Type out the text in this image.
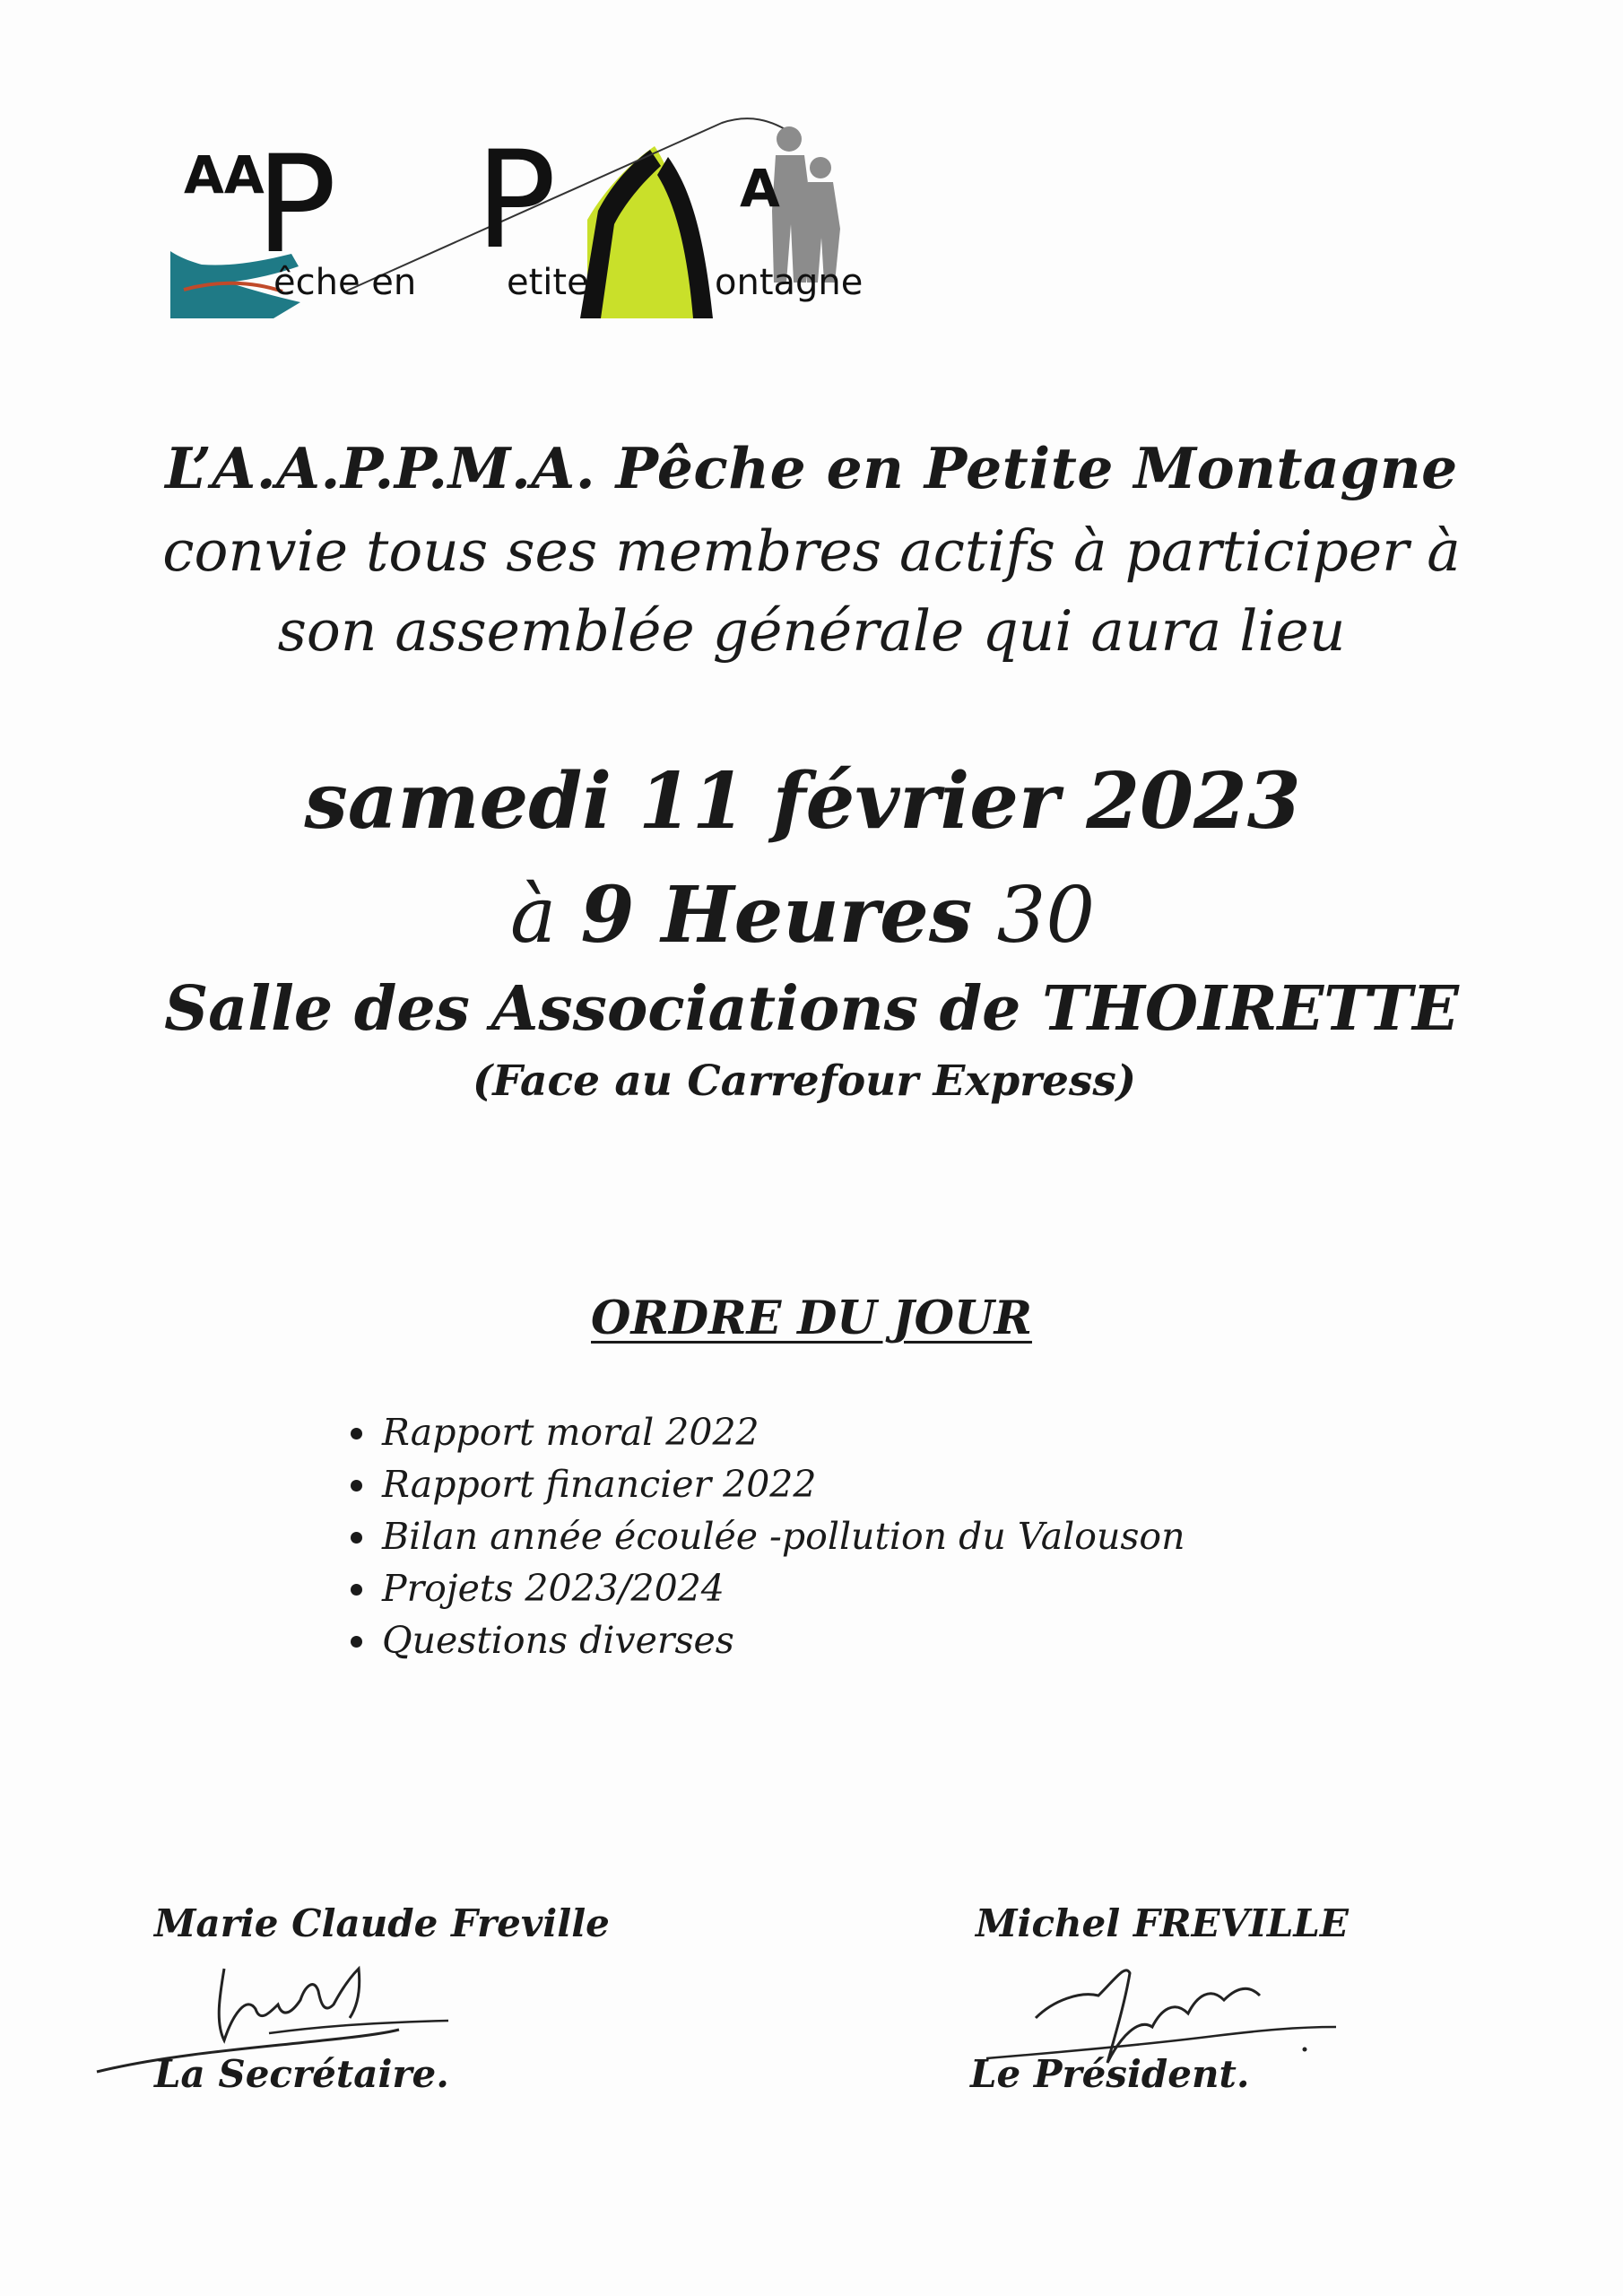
AA
P P	A
êche en	etite	ontagne
L’A.A.P.P.M.A. Pêche en Petite Montagne
convie tous ses membres actifs à participer à
son assemblée générale qui aura lieu
samedi 11 février 2023
à 9 Heures 30
Salle des Associations de THOIRETTE
(Face au Carrefour Express)
ORDRE DU JOUR
Rapport moral 2022
Rapport financier 2022
Bilan année écoulée -pollution du Valouson
Projets 2023/2024
Questions diverses
Marie Claude Freville
La Secrétaire.
Michel FREVILLE
Le Président.
